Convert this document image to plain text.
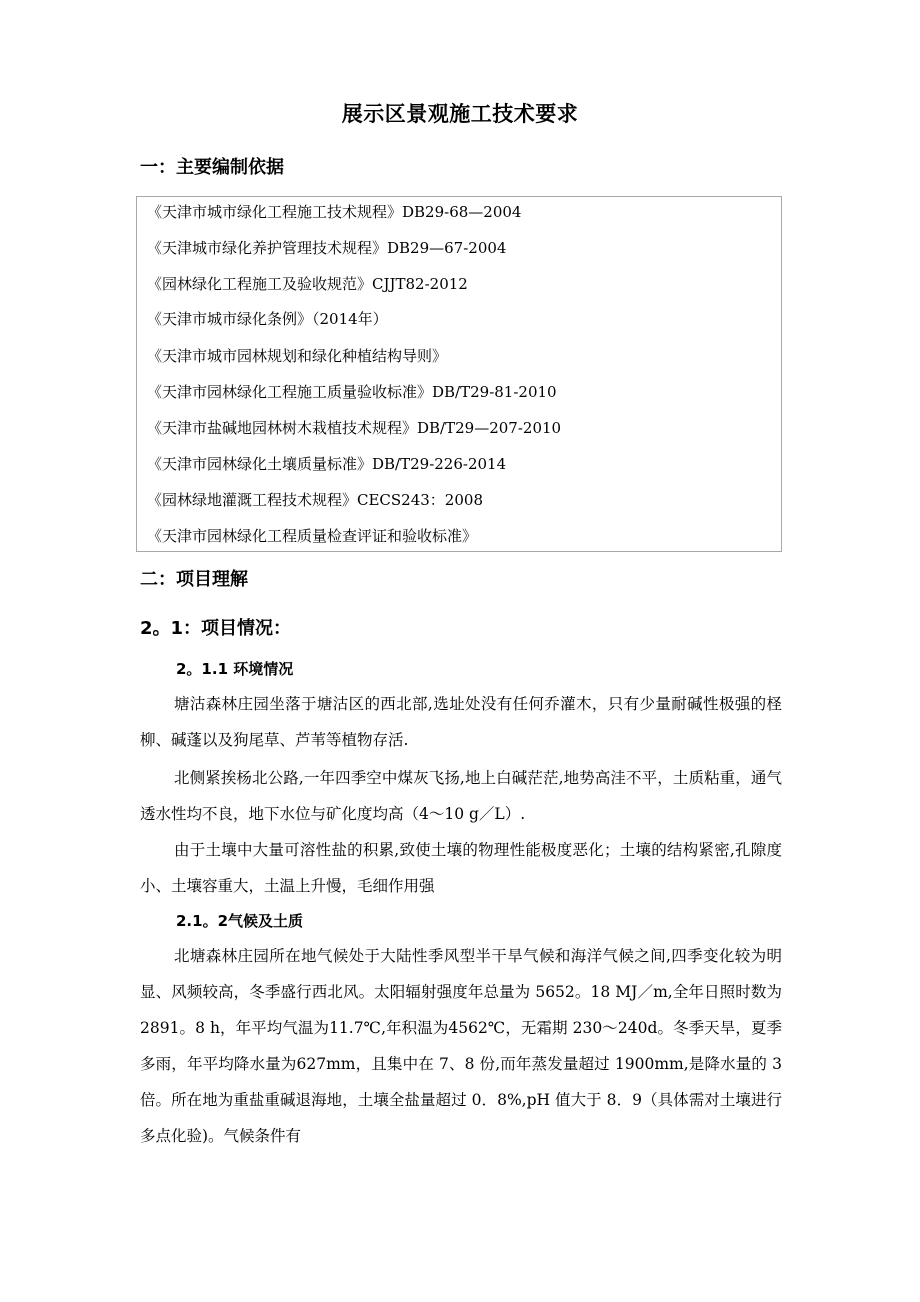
展示区景观施工技术要求
一：主要编制依据
《天津市城市绿化工程施工技术规程》DB29-68—2004
《天津城市绿化养护管理技术规程》DB29—67-2004
《园林绿化工程施工及验收规范》CJJT82-2012
《天津市城市绿化条例》（2014年）
《天津市城市园林规划和绿化种植结构导则》
《天津市园林绿化工程施工质量验收标准》DB/T29-81-2010
《天津市盐碱地园林树木栽植技术规程》DB/T29—207-2010
《天津市园林绿化土壤质量标准》DB/T29-226-2014
《园林绿地灌溉工程技术规程》CECS243：2008
《天津市园林绿化工程质量检查评证和验收标准》
二：项目理解
2。1：项目情况：
2。1.1 环境情况

塘沽森林庄园坐落于塘沽区的西北部,选址处没有任何乔灌木，只有少量耐碱性极强的柽柳、碱蓬以及狗尾草、芦苇等植物存活.

北侧紧挨杨北公路,一年四季空中煤灰飞扬,地上白碱茫茫,地势高洼不平，土质粘重，通气透水性均不良，地下水位与矿化度均高（4～10 g／L）.

由于土壤中大量可溶性盐的积累,致使土壤的物理性能极度恶化；土壤的结构紧密,孔隙度小、土壤容重大，土温上升慢，毛细作用强

2.1。2气候及土质

北塘森林庄园所在地气候处于大陆性季风型半干旱气候和海洋气候之间,四季变化较为明显、风频较高，冬季盛行西北风。太阳辐射强度年总量为 5652。18 MJ／m,全年日照时数为2891。8 h，年平均气温为11.7℃,年积温为4562℃，无霜期 230～240d。冬季天旱，夏季多雨，年平均降水量为627mm，且集中在 7、8 份,而年蒸发量超过 1900mm,是降水量的 3 倍。所在地为重盐重碱退海地，土壤全盐量超过 0．8%,pH 值大于 8．9（具体需对土壤进行多点化验)。气候条件有
